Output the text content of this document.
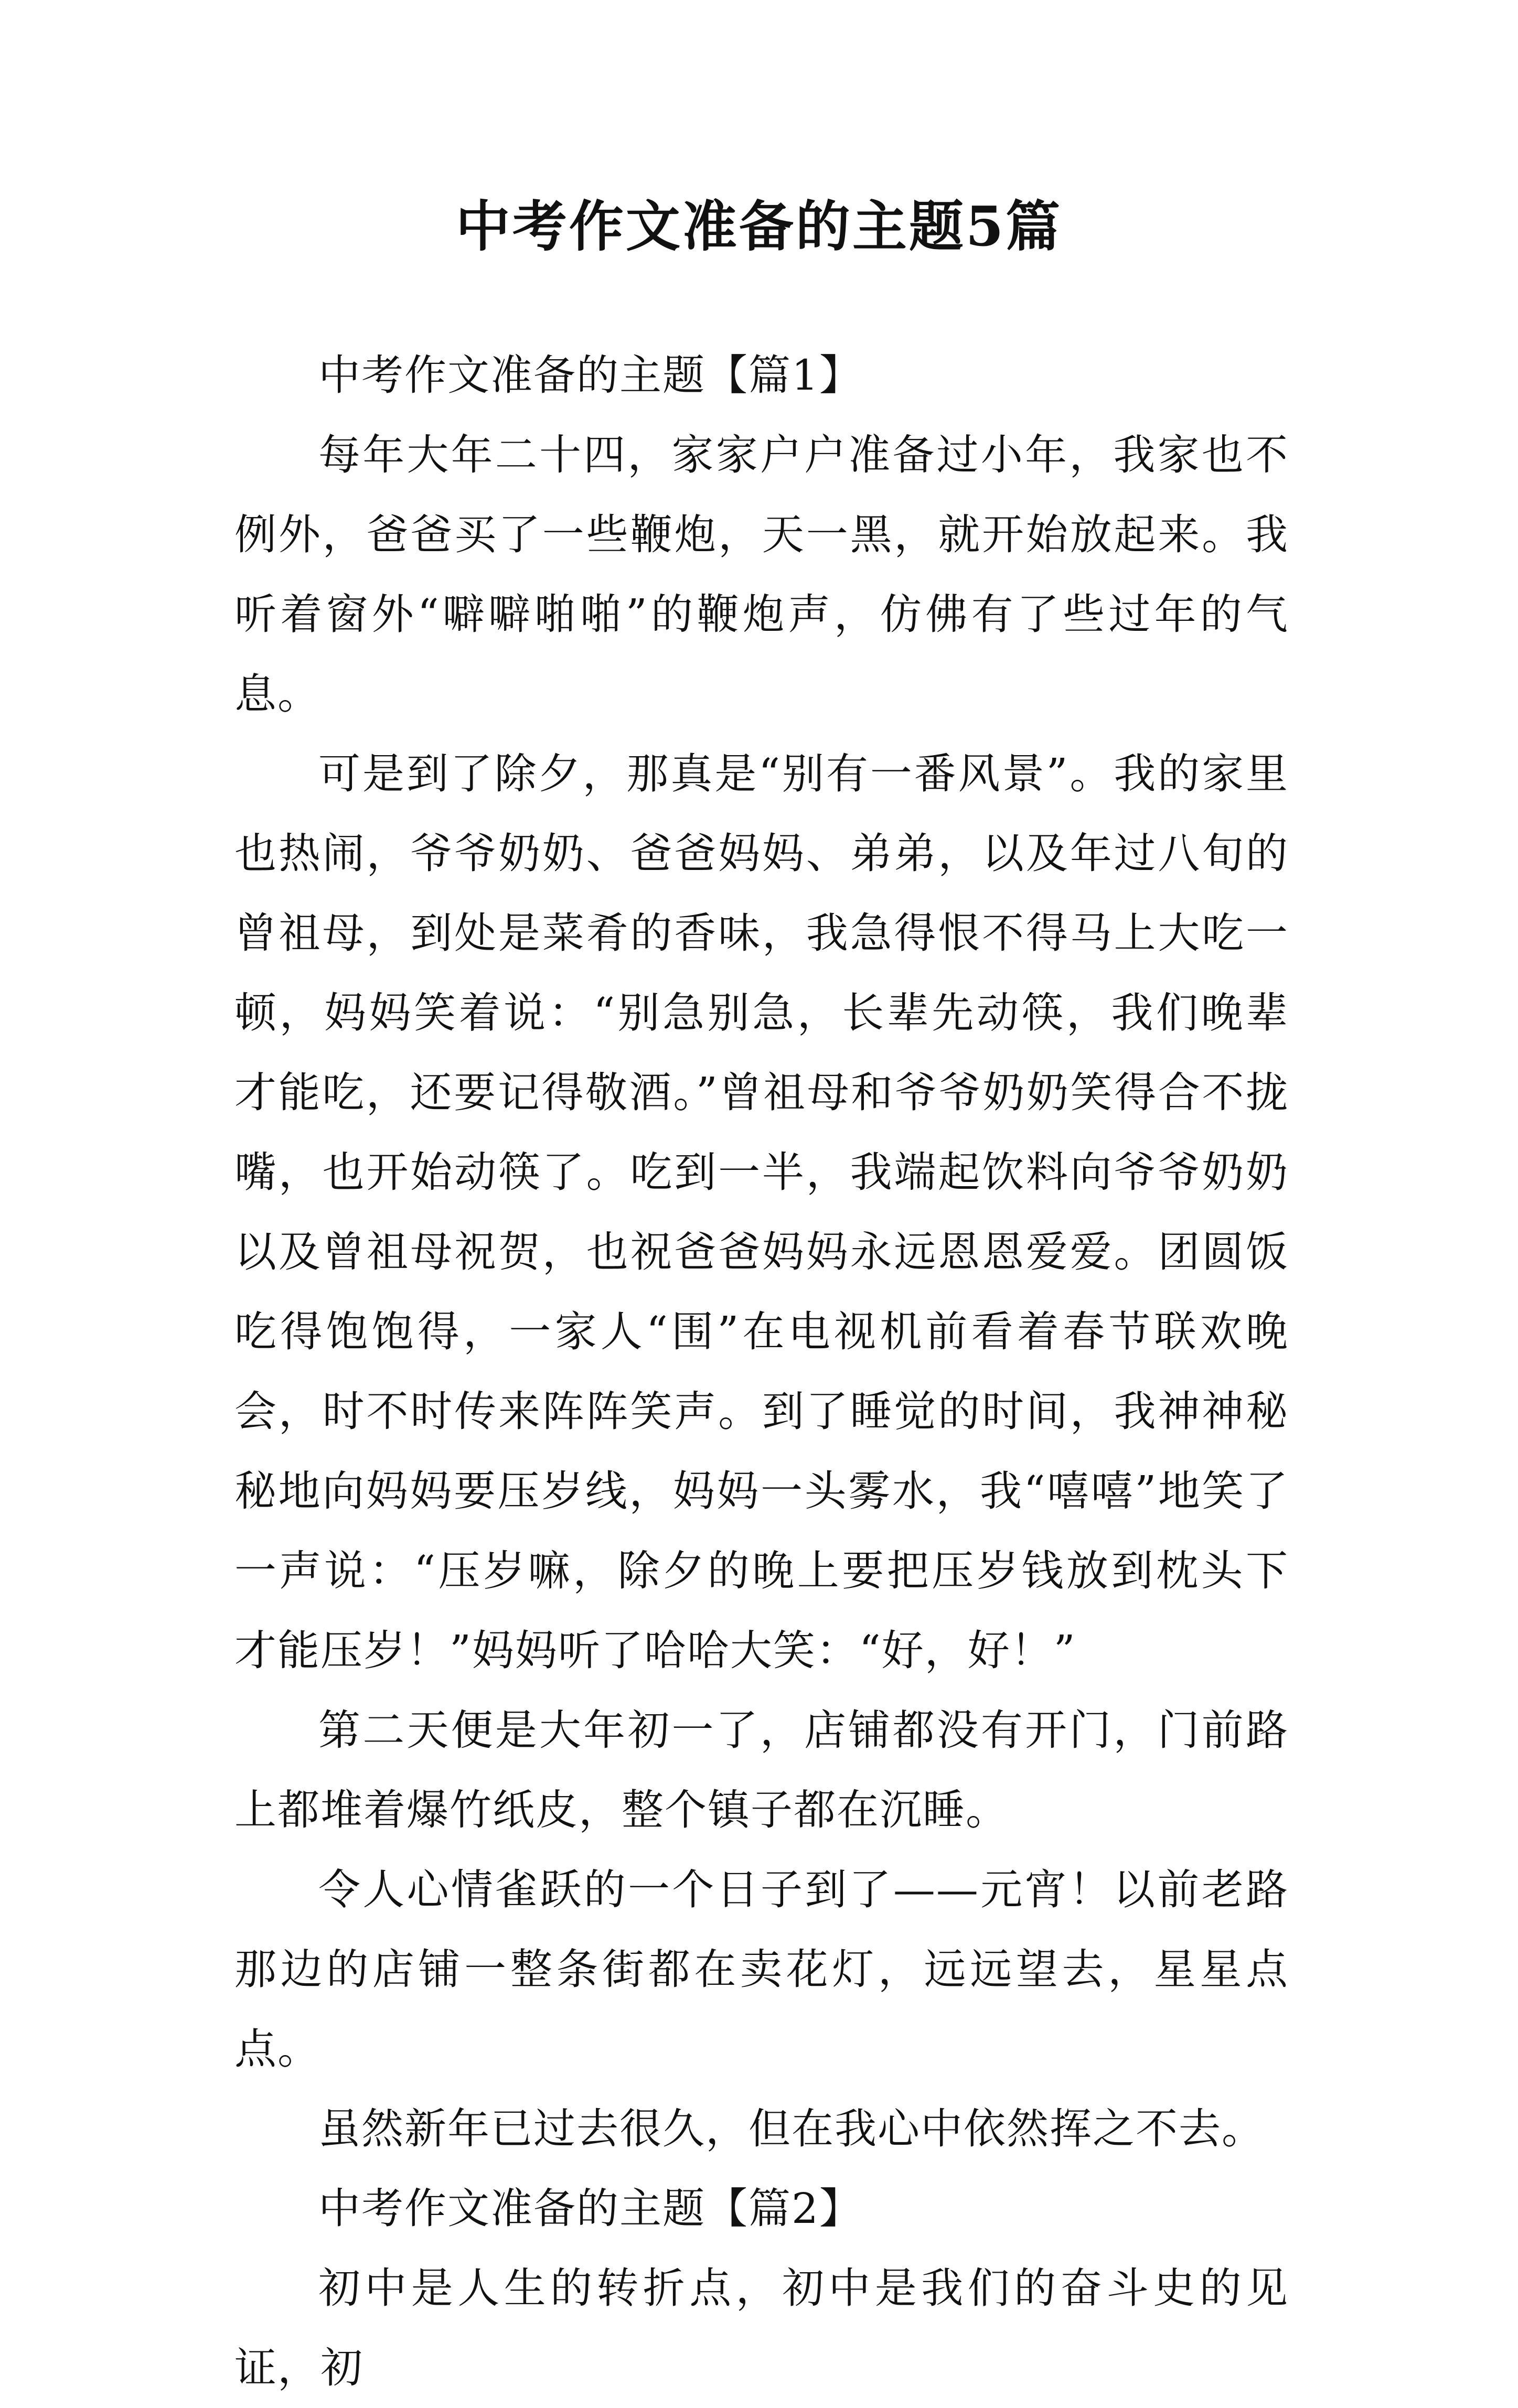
中考作文准备的主题5篇

中考作文准备的主题【篇1】

每年大年二十四，家家户户准备过小年，我家也不例外，爸爸买了一些鞭炮，天一黑，就开始放起来。我听着窗外“噼噼啪啪”的鞭炮声，仿佛有了些过年的气息。

可是到了除夕，那真是“别有一番风景”。我的家里也热闹，爷爷奶奶、爸爸妈妈、弟弟，以及年过八旬的曾祖母，到处是菜肴的香味，我急得恨不得马上大吃一顿，妈妈笑着说：“别急别急，长辈先动筷，我们晚辈才能吃，还要记得敬酒。”曾祖母和爷爷奶奶笑得合不拢嘴，也开始动筷了。吃到一半，我端起饮料向爷爷奶奶以及曾祖母祝贺，也祝爸爸妈妈永远恩恩爱爱。团圆饭吃得饱饱得，一家人“围”在电视机前看着春节联欢晚会，时不时传来阵阵笑声。到了睡觉的时间，我神神秘秘地向妈妈要压岁线，妈妈一头雾水，我“嘻嘻”地笑了一声说：“压岁嘛，除夕的晚上要把压岁钱放到枕头下才能压岁！”妈妈听了哈哈大笑：“好，好！”

第二天便是大年初一了，店铺都没有开门，门前路上都堆着爆竹纸皮，整个镇子都在沉睡。

令人心情雀跃的一个日子到了——元宵！以前老路那边的店铺一整条街都在卖花灯，远远望去，星星点点。

虽然新年已过去很久，但在我心中依然挥之不去。

中考作文准备的主题【篇2】

初中是人生的转折点，初中是我们的奋斗史的见证，初
